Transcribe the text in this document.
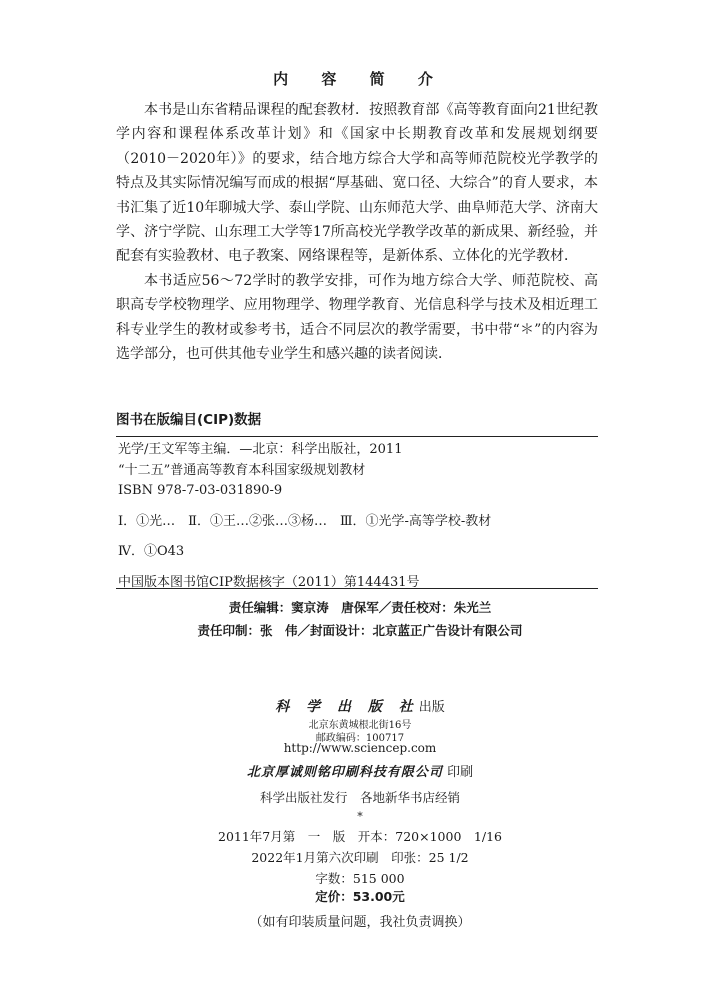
内 容 简 介

本书是山东省精品课程的配套教材．按照教育部《高等教育面向21世纪教学内容和课程体系改革计划》和《国家中长期教育改革和发展规划纲要（2010－2020年）》的要求，结合地方综合大学和高等师范院校光学教学的特点及其实际情况编写而成的根据“厚基础、宽口径、大综合”的育人要求，本书汇集了近10年聊城大学、泰山学院、山东师范大学、曲阜师范大学、济南大学、济宁学院、山东理工大学等17所高校光学教学改革的新成果、新经验，并配套有实验教材、电子教案、网络课程等，是新体系、立体化的光学教材．

本书适应56～72学时的教学安排，可作为地方综合大学、师范院校、高职高专学校物理学、应用物理学、物理学教育、光信息科学与技术及相近理工科专业学生的教材或参考书，适合不同层次的教学需要，书中带“＊”的内容为选学部分，也可供其他专业学生和感兴趣的读者阅读．

图书在版编目(CIP)数据
光学/王文军等主编．—北京：科学出版社，2011
“十二五”普通高等教育本科国家级规划教材
ISBN 978-7-03-031890-9
Ⅰ．①光…　Ⅱ．①王…②张…③杨…　Ⅲ．①光学-高等学校-教材
Ⅳ．①O43
中国版本图书馆CIP数据核字（2011）第144431号
责任编辑：窦京涛　唐保军／责任校对：朱光兰
责任印制：张　伟／封面设计：北京蓝正广告设计有限公司
科 学 出 版 社出版
北京东黄城根北街16号
邮政编码：100717
http://www.sciencep.com
北京厚诚则铭印刷科技有限公司 印刷
科学出版社发行　各地新华书店经销
*
2011年7月第　一　版　开本：720×1000　1/16
2022年1月第六次印刷　印张：25 1/2
字数：515 000
定价：53.00元
（如有印装质量问题，我社负责调换）
